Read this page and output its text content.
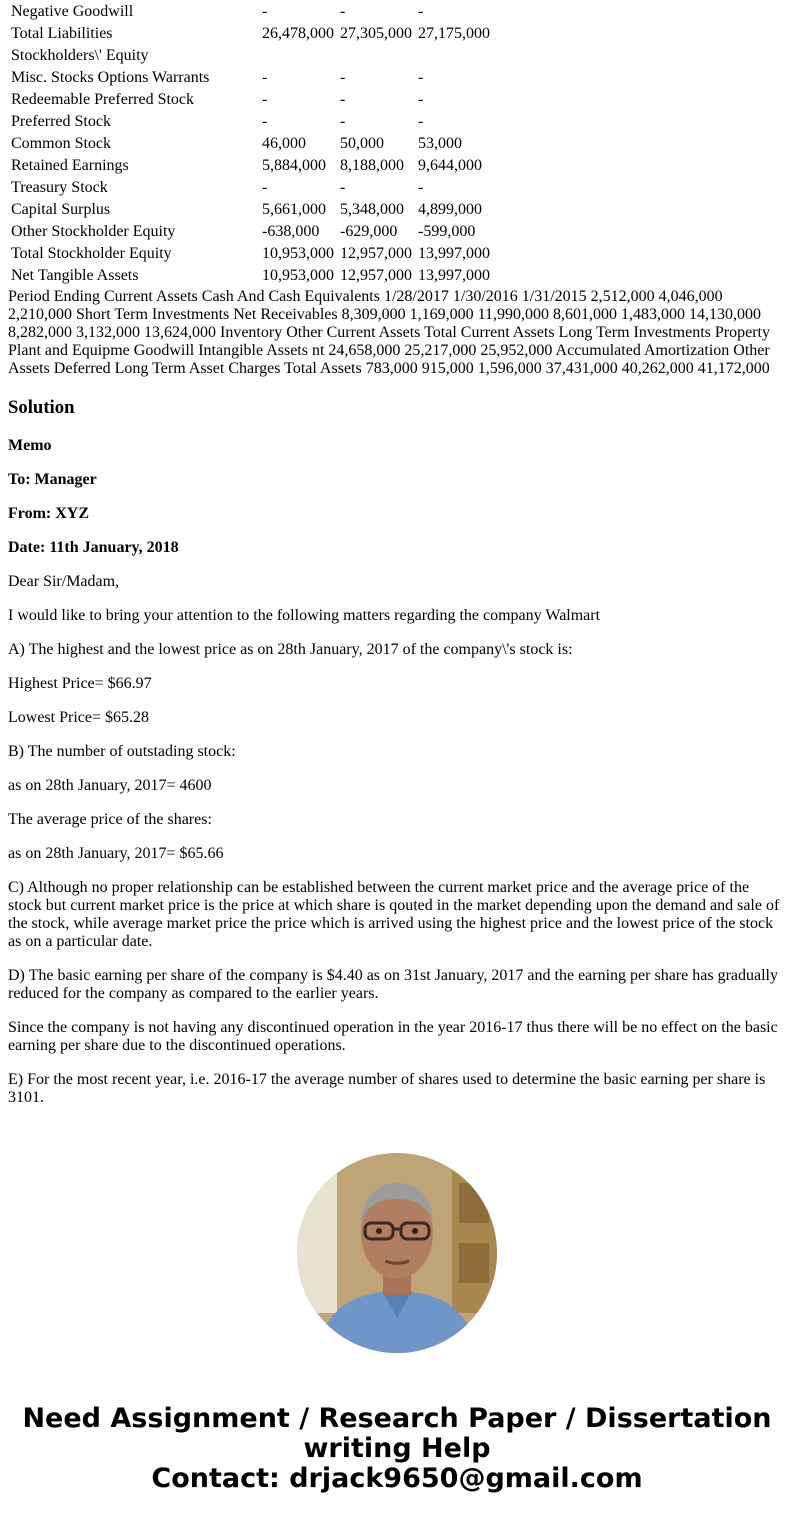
Negative Goodwill	-	-	-
Total Liabilities	26,478,000	27,305,000	27,175,000
Stockholders\' Equity			
Misc. Stocks Options Warrants	-	-	-
Redeemable Preferred Stock	-	-	-
Preferred Stock	-	-	-
Common Stock	46,000	50,000	53,000
Retained Earnings	5,884,000	8,188,000	9,644,000
Treasury Stock	-	-	-
Capital Surplus	5,661,000	5,348,000	4,899,000
Other Stockholder Equity	-638,000	-629,000	-599,000
Total Stockholder Equity	10,953,000	12,957,000	13,997,000
Net Tangible Assets	10,953,000	12,957,000	13,997,000

Period Ending Current Assets Cash And Cash Equivalents 1/28/2017 1/30/2016 1/31/2015 2,512,000 4,046,000 2,210,000 Short Term Investments Net Receivables 8,309,000 1,169,000 11,990,000 8,601,000 1,483,000 14,130,000 8,282,000 3,132,000 13,624,000 Inventory Other Current Assets Total Current Assets Long Term Investments Property Plant and Equipme Goodwill Intangible Assets nt 24,658,000 25,217,000 25,952,000 Accumulated Amortization Other Assets Deferred Long Term Asset Charges Total Assets 783,000 915,000 1,596,000 37,431,000 40,262,000 41,172,000

Solution

Memo

To: Manager

From: XYZ

Date: 11th January, 2018

Dear Sir/Madam,

I would like to bring your attention to the following matters regarding the company Walmart

A) The highest and the lowest price as on 28th January, 2017 of the company\'s stock is:

Highest Price= $66.97

Lowest Price= $65.28

B) The number of outstading stock:

as on 28th January, 2017= 4600

The average price of the shares:

as on 28th January, 2017= $65.66

C) Although no proper relationship can be established between the current market price and the average price of the stock but current market price is the price at which share is qouted in the market depending upon the demand and sale of the stock, while average market price the price which is arrived using the highest price and the lowest price of the stock as on a particular date.

D) The basic earning per share of the company is $4.40 as on 31st January, 2017 and the earning per share has gradually reduced for the company as compared to the earlier years.

Since the company is not having any discontinued operation in the year 2016-17 thus there will be no effect on the basic earning per share due to the discontinued operations.

E) For the most recent year, i.e. 2016-17 the average number of shares used to determine the basic earning per share is 3101.

Need Assignment / Research Paper / Dissertation

writing Help

Contact: drjack9650@gmail.com
